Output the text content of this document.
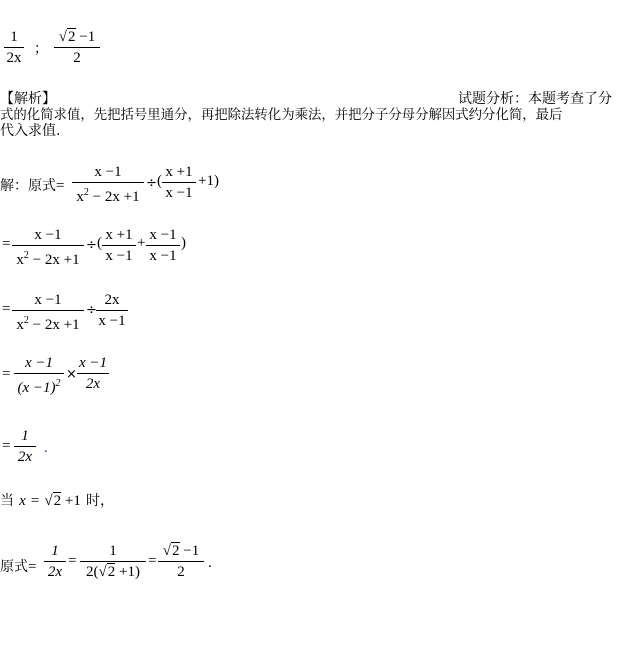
1
2x
；
√2 −1
2
【解析】	试题分析：本题考查了分
式的化简求值，先把括号里通分，再把除法转化为乘法，并把分子分母分解因式约分化简，最后
代入求值.
解：原式=
x −1
$x^2 - 2x +1$
÷ (
x +1
x −1
+1)
=
x −1
$x^2 - 2x +1$
÷ ( x +1
x −1
+ x −1
x −1
)
=
x −1
$x^2 - 2x +1$
÷
2x
x −1
=
x −1
$(x -1)^2$
×
x −1
2x
=
1
2x
.
当 x = √2 +1 时，
原式=
1
2x
=
1
2(√2 +1)
=
√2 −1
2
.
